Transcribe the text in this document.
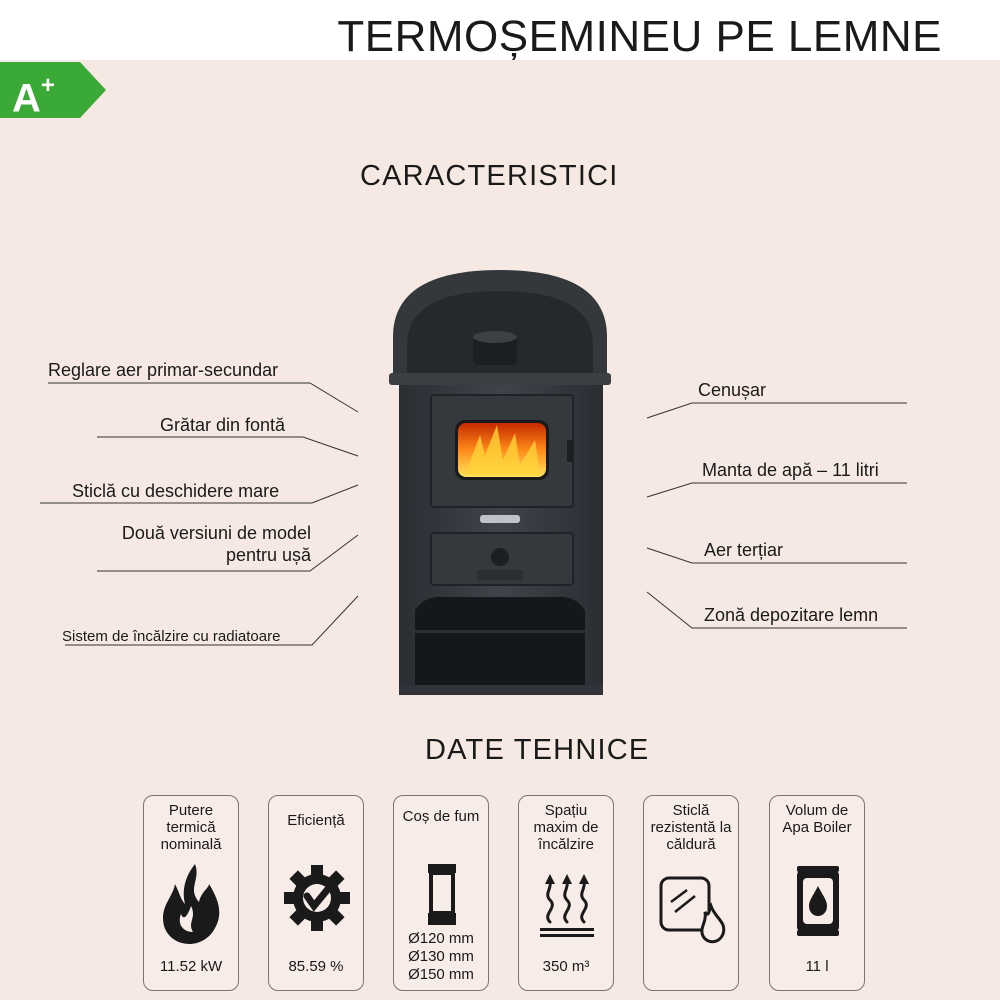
TERMOȘEMINEU PE LEMNE
A+
CARACTERISTICI
Reglare aer primar-secundar
Grătar din fontă
Sticlă cu deschidere mare
Două versiuni de model
pentru ușă
Sistem de încălzire cu radiatoare
Cenușar
Manta de apă – 11 litri
Aer terțiar
Zonă depozitare lemn
DATE TEHNICE
Putere termică nominală
11.52 kW
Eficiență
85.59 %
Coș de fum
Ø120 mm
Ø130 mm
Ø150 mm
Spațiu maxim de încălzire
350 m³
Sticlă rezistentă la căldură
Volum de Apa Boiler
11 l
